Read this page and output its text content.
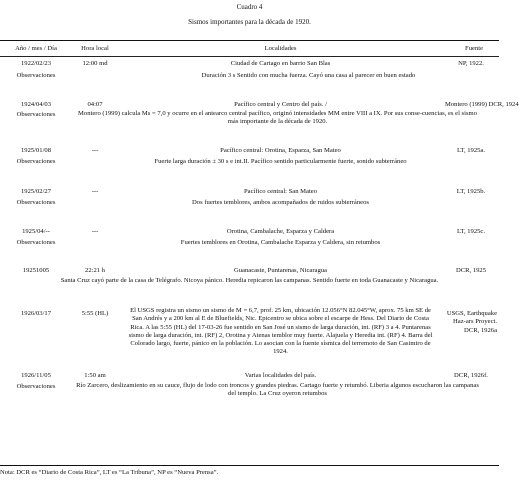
Cuadro 4
Sismos importantes para la década de 1920.
Año / mes / Día	Hora local	Localidades	Fuente
1922/02/23	12:00 md	Ciudad de Cartago en barrio San Blas	NP, 1922.
Observaciones		Duración 3 s Sentido con mucha fuerza. Cayó una casa al parecer en buen estado	

1924/04/03	04:07	Pacífico central y Centro del país. /	Montero (1999) DCR, 1924
Observaciones	Montero (1999) calcula Ms = 7,0 y ocurre en el antearco central pacífico, originó intensidades MM entre VIII a IX. Por sus conse-cuencias, es el sismo más importante de la década de 1920.		

1925/01/08	---	Pacífico central: Orotina, Esparza, San Mateo	LT, 1925a.
Observaciones		Fuerte larga duración ± 30 s e int.II. Pacífico sentido particularmente fuerte, sonido subterráneo	

1925/02/27	---	Pacífico central: San Mateo	LT, 1925b.
Observaciones		Dos fuertes temblores, ambos acompañados de ruidos subterráneos	

1925/04/--	---	Orotina, Cambalache, Esparza y Caldera	LT, 1925c.
Observaciones		Fuertes temblores en Orotina, Cambalache Esparza y Caldera, sin retumbos	

19251005	22:21 h	Guanacaste, Puntarenas, Nicaragua	DCR, 1925
Santa Cruz cayó parte de la casa de Telégrafo. Nicoya pánico. Heredia repicaron las campanas. Sentido fuerte en toda Guanacaste y Nicaragua.			

1926/03/17	5:55 (HL)	El USGS registra un sismo un sismo de M = 6,7, prof. 25 km, ubicación 12.056°N 82.045°W, aprox. 75 km SE de San Andrés y a 200 km al E de Bluefields, Nic. Epicentro se ubica sobre el escarpe de Hess. Del Diario de Costa Rica. A las 5:55 (HL) del 17-03-26 fue sentido en San José un sismo de larga duración, int. (RF) 3 a 4. Puntarenas sismo de larga duración, int. (RF) 2, Orotina y Atenas temblor muy fuerte. Alajuela y Heredia int. (RF) 4. Barra del Colorado largo, fuerte, pánico en la población. Lo asocian con la fuente sísmica del terremoto de San Casimiro de 1924.	USGS, Earthquake Haz-ars Proyect. DCR, 1926a

1926/11/05	1:50 am	Varias localidades del país.	DCR, 1926f.
Observaciones	Río Zarcero, deslizamiento en su cauce, flujo de lodo con troncos y grandes piedras. Cartago fuerte y retumbó. Liberia algunos escucharon las campanas del templo. La Cruz oyeron retumbos		
Nota: DCR es “Diario de Costa Rica”, LT es “La Tribuna”, NP es “Nueva Prensa”.
